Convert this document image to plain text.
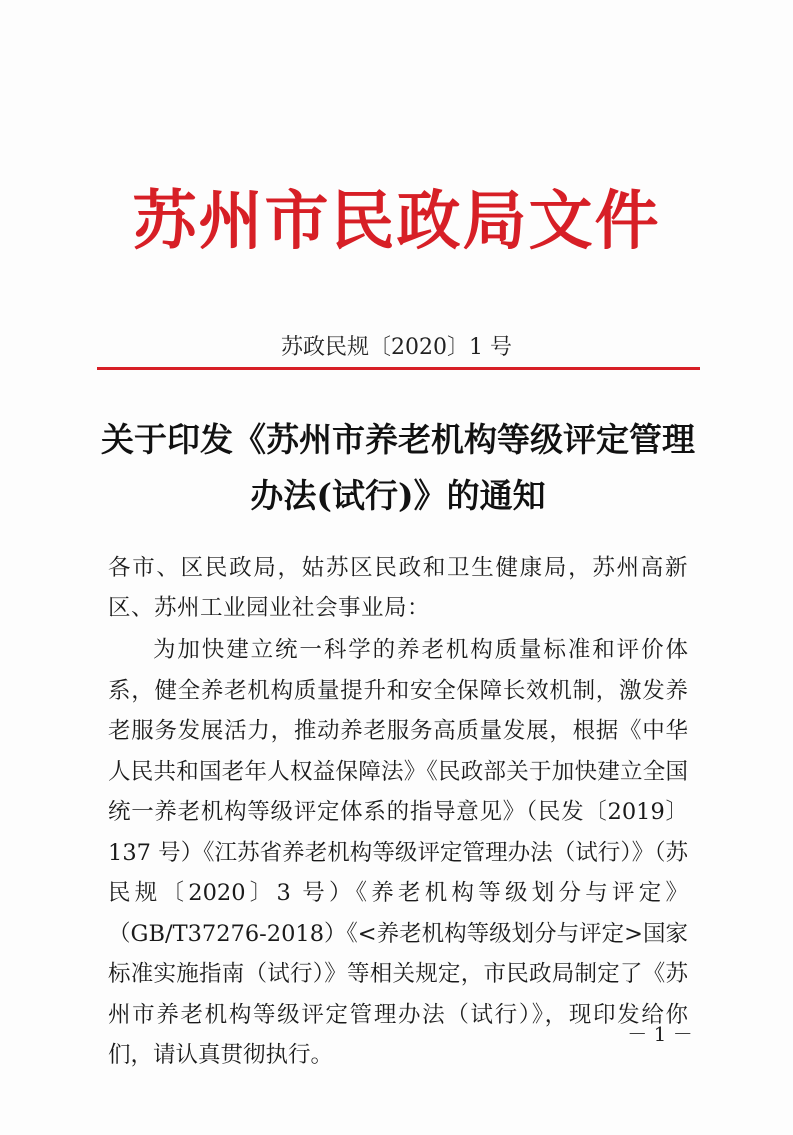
苏州市民政局文件
苏政民规〔2020〕1 号
关于印发《苏州市养老机构等级评定管理办法(试行)》的通知
各市、区民政局，姑苏区民政和卫生健康局，苏州高新区、苏州工业园业社会事业局：
为加快建立统一科学的养老机构质量标准和评价体系，健全养老机构质量提升和安全保障长效机制，激发养老服务发展活力，推动养老服务高质量发展，根据《中华人民共和国老年人权益保障法》《民政部关于加快建立全国统一养老机构等级评定体系的指导意见》（民发〔2019〕137 号）《江苏省养老机构等级评定管理办法（试行）》（苏民规〔2020〕3 号）《养老机构等级划分与评定》（GB/T37276-2018）《<养老机构等级划分与评定>国家标准实施指南（试行）》等相关规定，市民政局制定了《苏州市养老机构等级评定管理办法（试行）》，现印发给你们，请认真贯彻执行。
－ 1 －
